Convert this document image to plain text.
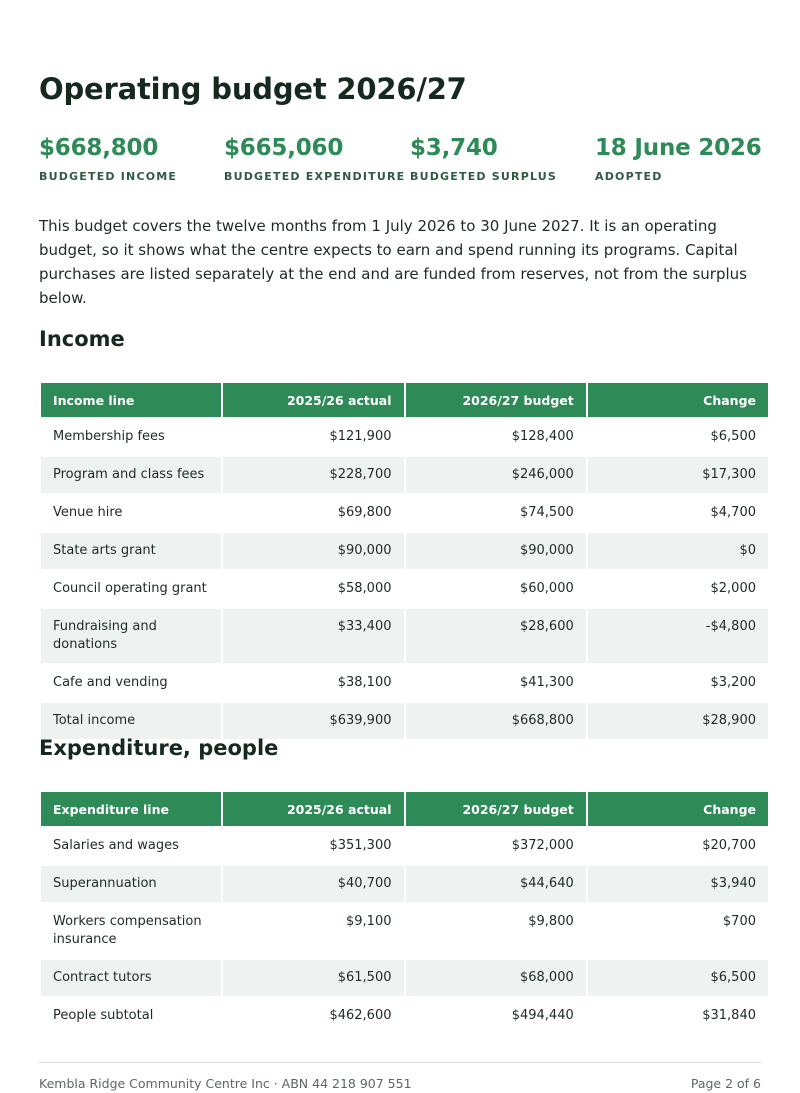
Operating budget 2026/27
$668,800
BUDGETED INCOME
$665,060
BUDGETED EXPENDITURE
$3,740
BUDGETED SURPLUS
18 June 2026
ADOPTED

This budget covers the twelve months from 1 July 2026 to 30 June 2027. It is an operating budget, so it shows what the centre expects to earn and spend running its programs. Capital purchases are listed separately at the end and are funded from reserves, not from the surplus below.

Income
Income line	2025/26 actual	2026/27 budget	Change
Membership fees	$121,900	$128,400	$6,500
Program and class fees	$228,700	$246,000	$17,300
Venue hire	$69,800	$74,500	$4,700
State arts grant	$90,000	$90,000	$0
Council operating grant	$58,000	$60,000	$2,000
Fundraising and donations	$33,400	$28,600	-$4,800
Cafe and vending	$38,100	$41,300	$3,200
Total income	$639,900	$668,800	$28,900
Expenditure, people
Expenditure line	2025/26 actual	2026/27 budget	Change
Salaries and wages	$351,300	$372,000	$20,700
Superannuation	$40,700	$44,640	$3,940
Workers compensation insurance	$9,100	$9,800	$700
Contract tutors	$61,500	$68,000	$6,500
People subtotal	$462,600	$494,440	$31,840
Kembla Ridge Community Centre Inc · ABN 44 218 907 551	Page 2 of 6
